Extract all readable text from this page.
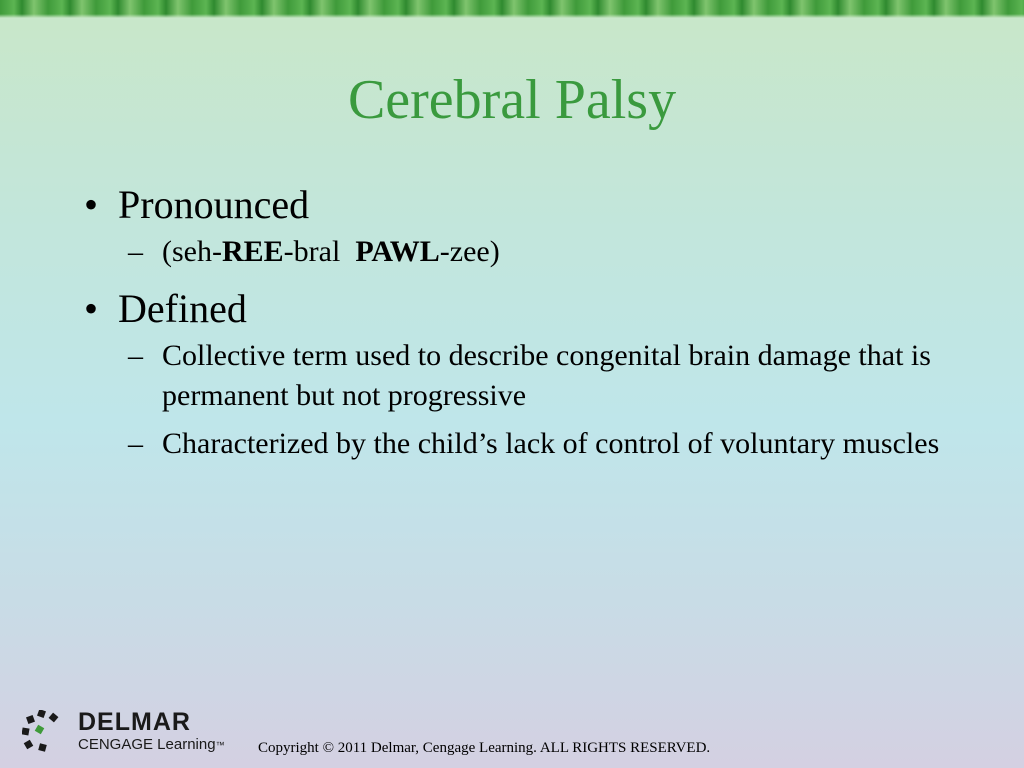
Cerebral Palsy
• Pronounced
– (seh-REE-bral  PAWL-zee)
• Defined
– Collective term used to describe congenital brain damage that is permanent but not progressive
– Characterized by the child’s lack of control of voluntary muscles
DELMAR
CENGAGE Learning™ Copyright © 2011 Delmar, Cengage Learning. ALL RIGHTS RESERVED.
